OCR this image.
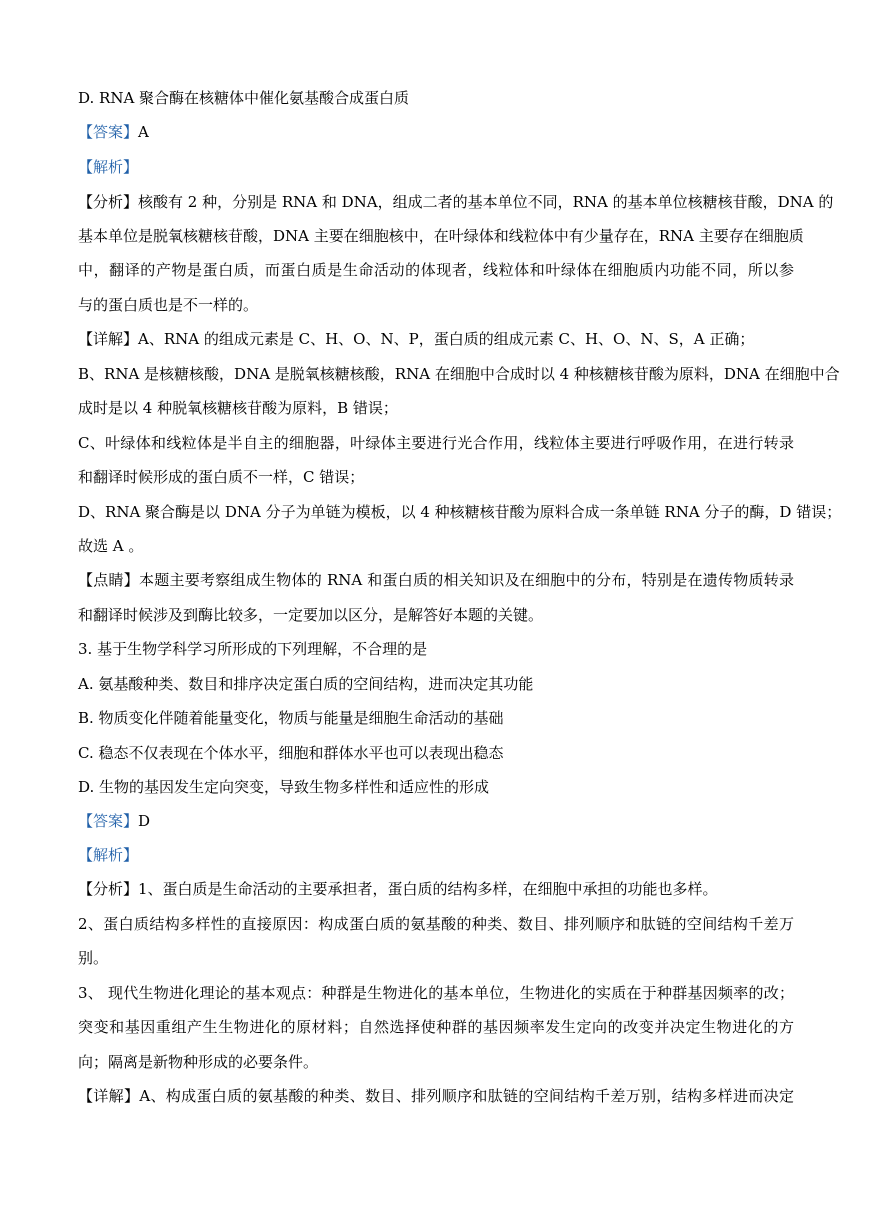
D. RNA 聚合酶在核糖体中催化氨基酸合成蛋白质
【答案】A
【解析】
【分析】核酸有 2 种，分别是 RNA 和 DNA，组成二者的基本单位不同，RNA 的基本单位核糖核苷酸，DNA 的
基本单位是脱氧核糖核苷酸，DNA 主要在细胞核中，在叶绿体和线粒体中有少量存在，RNA 主要存在细胞质
中，翻译的产物是蛋白质，而蛋白质是生命活动的体现者，线粒体和叶绿体在细胞质内功能不同，所以参
与的蛋白质也是不一样的。
【详解】A、RNA 的组成元素是 C、H、O、N、P，蛋白质的组成元素 C、H、O、N、S，A 正确；
B、RNA 是核糖核酸，DNA 是脱氧核糖核酸，RNA 在细胞中合成时以 4 种核糖核苷酸为原料，DNA 在细胞中合
成时是以 4 种脱氧核糖核苷酸为原料，B 错误；
C、叶绿体和线粒体是半自主的细胞器，叶绿体主要进行光合作用，线粒体主要进行呼吸作用，在进行转录
和翻译时候形成的蛋白质不一样，C 错误；
D、RNA 聚合酶是以 DNA 分子为单链为模板，以 4 种核糖核苷酸为原料合成一条单链 RNA 分子的酶，D 错误；
故选 A 。
【点睛】本题主要考察组成生物体的 RNA 和蛋白质的相关知识及在细胞中的分布，特别是在遗传物质转录
和翻译时候涉及到酶比较多，一定要加以区分，是解答好本题的关键。
3. 基于生物学科学习所形成的下列理解，不合理的是
A. 氨基酸种类、数目和排序决定蛋白质的空间结构，进而决定其功能
B. 物质变化伴随着能量变化，物质与能量是细胞生命活动的基础
C. 稳态不仅表现在个体水平，细胞和群体水平也可以表现出稳态
D. 生物的基因发生定向突变，导致生物多样性和适应性的形成
【答案】D
【解析】
【分析】1、蛋白质是生命活动的主要承担者，蛋白质的结构多样，在细胞中承担的功能也多样。
2、蛋白质结构多样性的直接原因：构成蛋白质的氨基酸的种类、数目、排列顺序和肽链的空间结构千差万
别。
3、 现代生物进化理论的基本观点：种群是生物进化的基本单位，生物进化的实质在于种群基因频率的改；
突变和基因重组产生生物进化的原材料；自然选择使种群的基因频率发生定向的改变并决定生物进化的方
向；隔离是新物种形成的必要条件。
【详解】A、构成蛋白质的氨基酸的种类、数目、排列顺序和肽链的空间结构千差万别，结构多样进而决定
